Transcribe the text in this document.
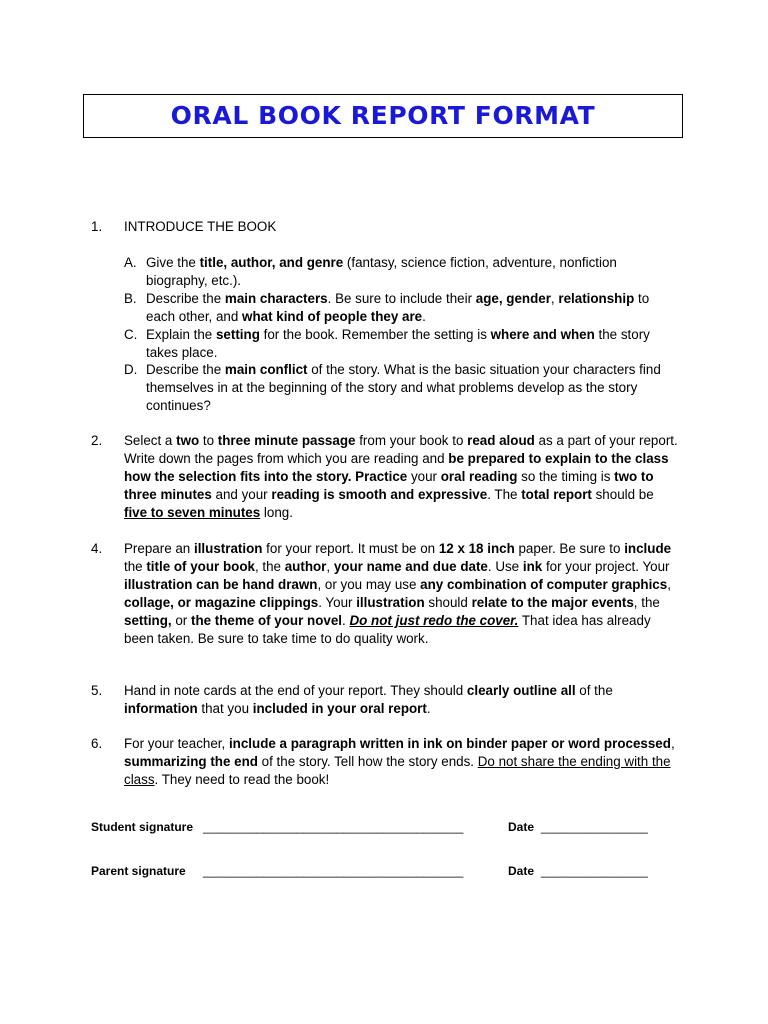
ORAL BOOK REPORT FORMAT
1. INTRODUCE THE BOOK
A. Give the title, author, and genre (fantasy, science fiction, adventure, nonfiction biography, etc.).
B. Describe the main characters. Be sure to include their age, gender, relationship to each other, and what kind of people they are.
C. Explain the setting for the book. Remember the setting is where and when the story takes place.
D. Describe the main conflict of the story. What is the basic situation your characters find themselves in at the beginning of the story and what problems develop as the story continues?
2. Select a two to three minute passage from your book to read aloud as a part of your report. Write down the pages from which you are reading and be prepared to explain to the class how the selection fits into the story. Practice your oral reading so the timing is two to three minutes and your reading is smooth and expressive. The total report should be five to seven minutes long.
4. Prepare an illustration for your report. It must be on 12 x 18 inch paper. Be sure to include the title of your book, the author, your name and due date. Use ink for your project. Your illustration can be hand drawn, or you may use any combination of computer graphics, collage, or magazine clippings. Your illustration should relate to the major events, the setting, or the theme of your novel. Do not just redo the cover. That idea has already been taken. Be sure to take time to do quality work.
5. Hand in note cards at the end of your report. They should clearly outline all of the information that you included in your oral report.
6. For your teacher, include a paragraph written in ink on binder paper or word processed, summarizing the end of the story. Tell how the story ends. Do not share the ending with the class. They need to read the book!
Student signature _______________________________________	Date ________________
Parent signature _______________________________________	Date ________________
